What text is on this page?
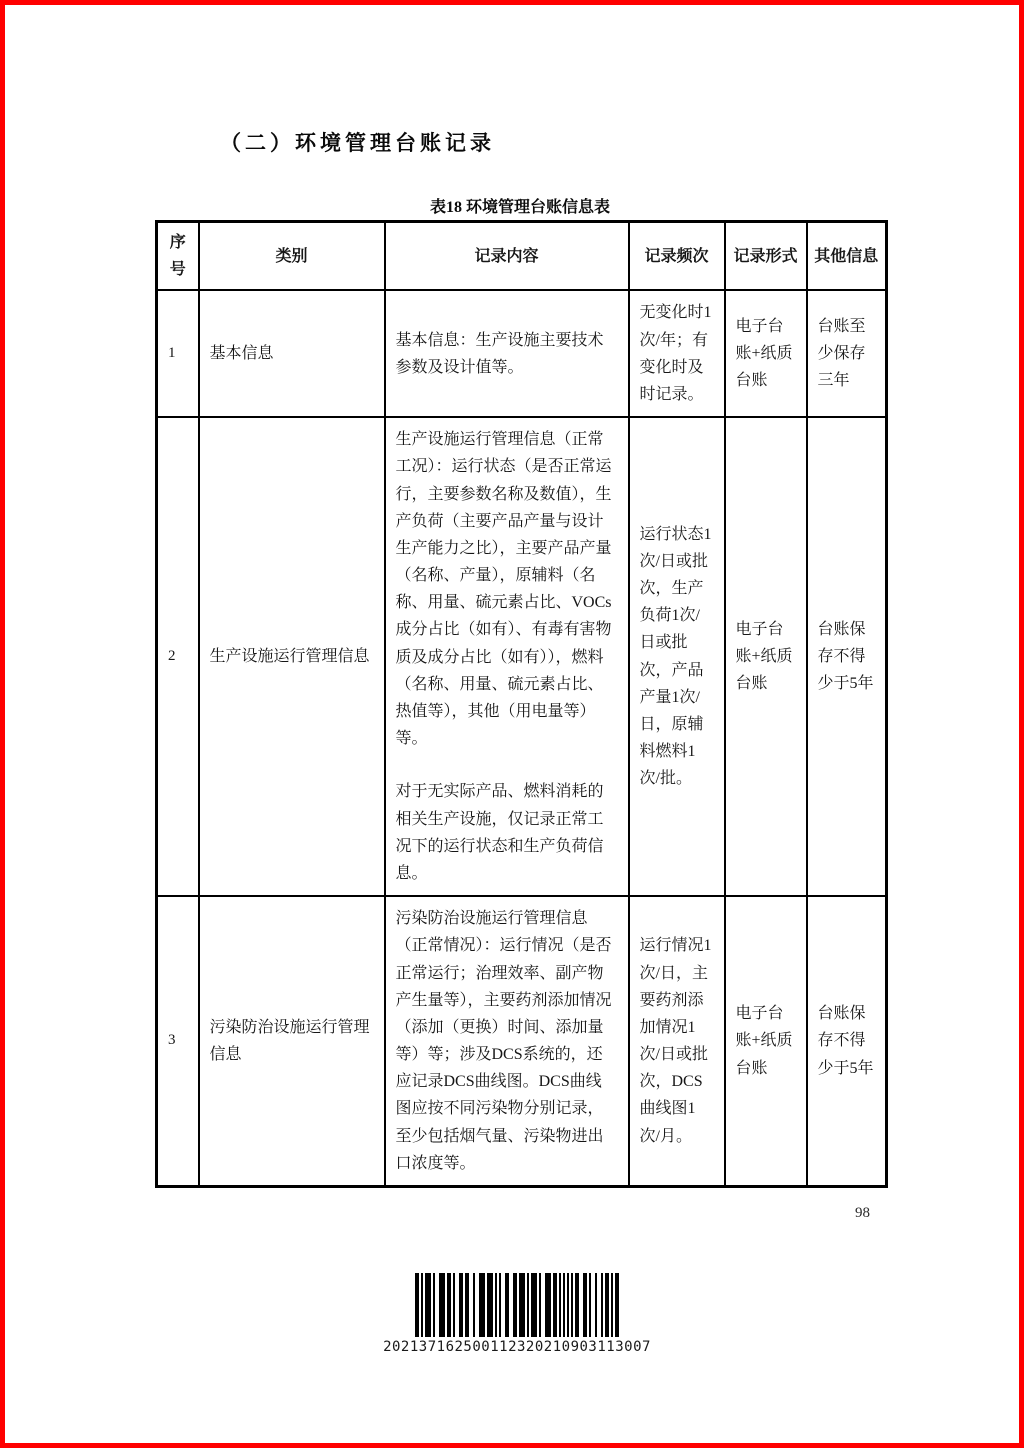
（二）环境管理台账记录
表18 环境管理台账信息表
序号	类别	记录内容	记录频次	记录形式	其他信息
1	基本信息	基本信息：生产设施主要技术参数及设计值等。	无变化时1次/年；有变化时及时记录。	电子台账+纸质台账	台账至少保存三年
2	生产设施运行管理信息	生产设施运行管理信息（正常工况）：运行状态（是否正常运行，主要参数名称及数值），生产负荷（主要产品产量与设计生产能力之比），主要产品产量（名称、产量），原辅料（名称、用量、硫元素占比、VOCs成分占比（如有）、有毒有害物质及成分占比（如有）），燃料（名称、用量、硫元素占比、热值等），其他（用电量等）等。

对于无实际产品、燃料消耗的相关生产设施，仅记录正常工况下的运行状态和生产负荷信息。	运行状态1次/日或批次，生产负荷1次/日或批次，产品产量1次/日，原辅料燃料1次/批。	电子台账+纸质台账	台账保存不得少于5年
3	污染防治设施运行管理信息	污染防治设施运行管理信息（正常情况）：运行情况（是否正常运行；治理效率、副产物产生量等），主要药剂添加情况（添加（更换）时间、添加量等）等；涉及DCS系统的，还应记录DCS曲线图。DCS曲线图应按不同污染物分别记录，至少包括烟气量、污染物进出口浓度等。	运行情况1次/日，主要药剂添加情况1次/日或批次，DCS曲线图1次/月。	电子台账+纸质台账	台账保存不得少于5年
98
202137162500112320210903113007
